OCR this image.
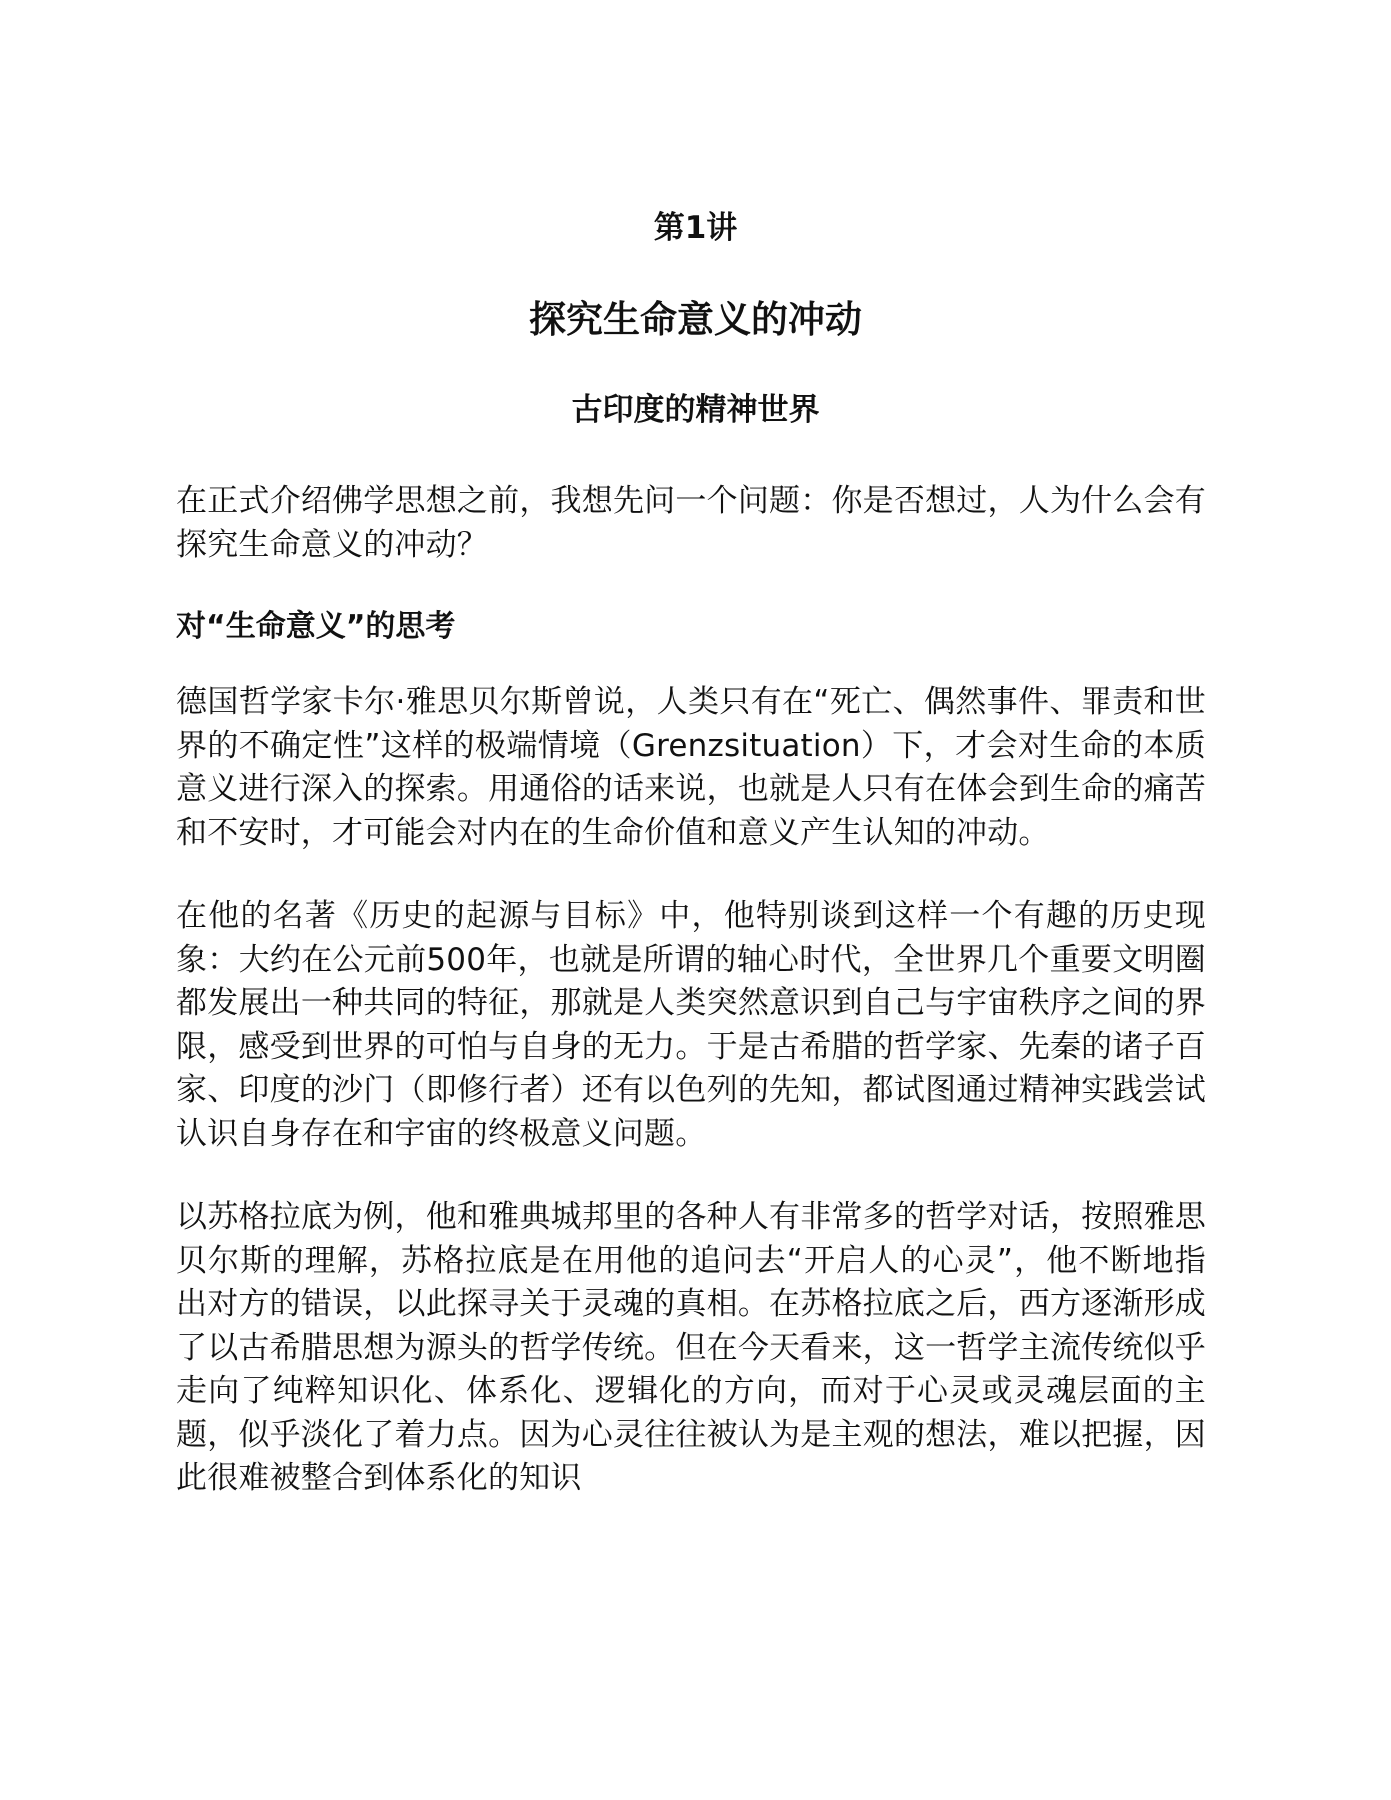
第1讲
探究生命意义的冲动
古印度的精神世界

在正式介绍佛学思想之前，我想先问一个问题：你是否想过，人为什么会有探究生命意义的冲动？

对“生命意义”的思考

德国哲学家卡尔·雅思贝尔斯曾说，人类只有在“死亡、偶然事件、罪责和世界的不确定性”这样的极端情境（Grenzsituation）下，才会对生命的本质意义进行深入的探索。用通俗的话来说，也就是人只有在体会到生命的痛苦和不安时，才可能会对内在的生命价值和意义产生认知的冲动。

在他的名著《历史的起源与目标》中，他特别谈到这样一个有趣的历史现象：大约在公元前500年，也就是所谓的轴心时代，全世界几个重要文明圈都发展出一种共同的特征，那就是人类突然意识到自己与宇宙秩序之间的界限，感受到世界的可怕与自身的无力。于是古希腊的哲学家、先秦的诸子百家、印度的沙门（即修行者）还有以色列的先知，都试图通过精神实践尝试认识自身存在和宇宙的终极意义问题。

以苏格拉底为例，他和雅典城邦里的各种人有非常多的哲学对话，按照雅思贝尔斯的理解，苏格拉底是在用他的追问去“开启人的心灵”，他不断地指出对方的错误，以此探寻关于灵魂的真相。在苏格拉底之后，西方逐渐形成了以古希腊思想为源头的哲学传统。但在今天看来，这一哲学主流传统似乎走向了纯粹知识化、体系化、逻辑化的方向，而对于心灵或灵魂层面的主题，似乎淡化了着力点。因为心灵往往被认为是主观的想法，难以把握，因此很难被整合到体系化的知识
